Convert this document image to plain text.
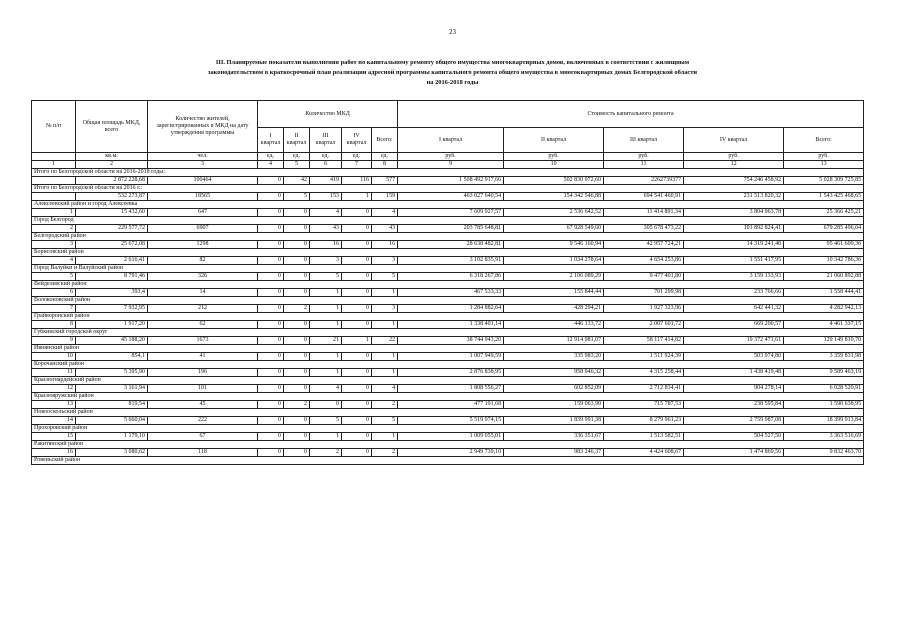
23
III. Планируемые показатели выполнения работ по капитальному ремонту общего имущества многоквартирных домов, включенных в соответствии с жилищным
законодательством в краткосрочный план реализации адресной программы капитального ремонта общего имущества в многоквартирных домах Белгородской области
на 2016-2018 годы
№ п/п	Общая площадь МКД, всего	Количество жителей, зарегистрированных в МКД на дату утверждения программы	Количество МКД					Стоимость капитального ремонта				
			I квартал	II квартал	III квартал	IV квартал	Всего:	I квартал	II квартал	III квартал	IV квартал	Всего:
	кв.м.	чел.	ед.	ед.	ед.	ед.	ед.	руб.	руб.	руб.	руб.	руб.
1	2	3	4	5	6	7	8	9	10	11	12	13
Итого по Белгородской области на 2016-2018 годы:												
	2 872 228,68	100464	0	42	419	116	577	1 508 492 917,66	502 830 972,60	2262739377	754 246 458,92	5 028 309 725,85
Итого по Белгородской области на 2016 г.:												
	532 273,87	18565	0	5	153	1	159	463 027 640,54	154 342 546,88	694 541 460,91	231 513 820,32	1 543 425 468,65
Алексеевский район и город Алексеевка												
1	15 432,60	647	0	0	4	0	4	7 609 927,57	2 536 642,52	11 414 891,34	3 804 963,78	25 366 425,21
Город Белгород												
2	229 577,72	6907	0	0	43	0	43	203 785 648,81	67 928 549,60	305 678 473,22	101 892 824,41	679 285 496,04
Белгородский район												
3	25 672,08	1298	0	0	16	0	16	28 638 482,81	9 546 160,94	42 957 724,21	14 319 241,40	95 461 609,36
Борисовский район												
4	2 616,41	82	0	0	3	0	3	3 102 835,91	1 034 278,64	4 654 253,86	1 551 417,95	10 342 786,36
Город Валуйки и Валуйский район												
5	8 791,46	326	0	0	5	0	5	6 318 267,86	2 106 089,29	9 477 401,80	3 159 133,93	21 060 892,88
Вейделевский район												
6	393,4	14	0	0	1	0	1	467 533,33	155 844,44	701 299,98	233 766,66	1 558 444,41
Волоконовский район												
7	7 932,95	212	0	2	1	0	3	1 284 882,64	428 294,21	1 927 323,96	642 441,32	4 282 942,13
Грайворонский район												
8	1 917,20	62	0	0	1	0	1	1 338 401,14	446 133,72	2 007 601,72	669 200,57	4 461 337,15
Губкинский городской округ												
9	45 188,20	1673	0	0	21	1	22	38 744 943,20	12 914 981,07	58 117 414,82	19 372 471,61	129 149 810,70
Ивнянский район												
10	854,1	41	0	0	1	0	1	1 007 949,59	335 983,20	1 511 924,39	503 974,80	3 359 831,98
Корочанский район												
11	5 395,90	196	0	0	1	0	1	2 876 838,95	958 946,32	4 315 258,44	1 438 419,48	9 589 463,19
Красногвардейский район												
12	3 161,94	101	0	0	4	0	4	1 808 556,27	602 852,09	2 712 834,41	904 278,14	6 028 520,91
Краснояружский район												
13	819,54	45	0	2	0	0	2	477 191,68	159 063,90	715 787,53	238 595,84	1 590 638,95
Новооскольский район												
14	5 660,04	222	0	0	5	0	5	5 519 974,15	1 839 991,38	8 279 961,23	2 759 987,08	18 399 913,84
Прохоровский район												
15	1 179,10	67	0	0	1	0	1	1 009 055,01	336 351,67	1 513 582,51	504 527,50	3 363 516,69
Ракитянский район												
16	3 080,62	118	0	0	2	0	2	2 949 739,10	983 246,37	4 424 608,67	1 474 869,56	9 832 463,70
Ровеньский район												
